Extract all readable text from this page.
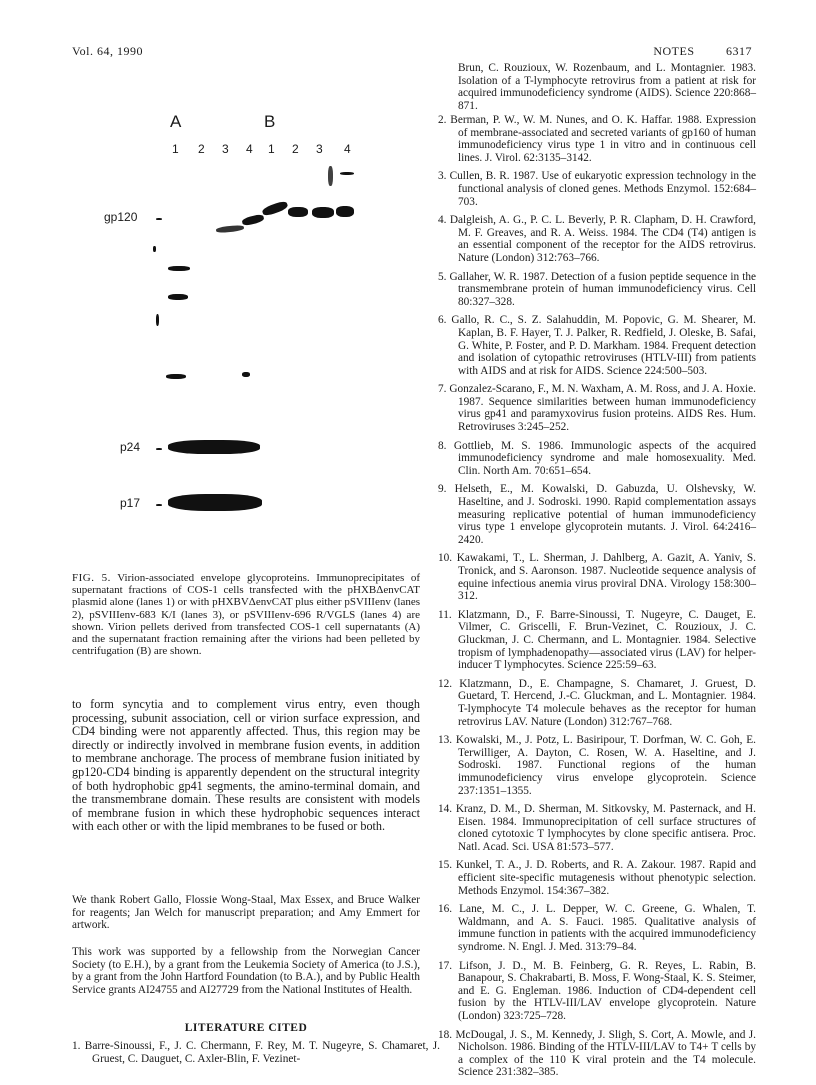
Vol. 64, 1990	NOTES	6317
A	B
1 2 3 4 1 2 3 4
gp120
p24
p17
FIG. 5. Virion-associated envelope glycoproteins. Immunoprecipitates of supernatant fractions of COS-1 cells transfected with the pHXBΔenvCAT plasmid alone (lanes 1) or with pHXBVΔenvCAT plus either pSVIIIenv (lanes 2), pSVIIIenv-683 K/I (lanes 3), or pSVIIIenv-696 R/VGLS (lanes 4) are shown. Virion pellets derived from transfected COS-1 cell supernatants (A) and the supernatant fraction remaining after the virions had been pelleted by centrifugation (B) are shown.

to form syncytia and to complement virus entry, even though processing, subunit association, cell or virion surface expression, and CD4 binding were not apparently affected. Thus, this region may be directly or indirectly involved in membrane fusion events, in addition to membrane anchorage. The process of membrane fusion initiated by gp120-CD4 binding is apparently dependent on the structural integrity of both hydrophobic gp41 segments, the amino-terminal domain, and the transmembrane domain. These results are consistent with models of membrane fusion in which these hydrophobic sequences interact with each other or with the lipid membranes to be fused or both.

We thank Robert Gallo, Flossie Wong-Staal, Max Essex, and Bruce Walker for reagents; Jan Welch for manuscript preparation; and Amy Emmert for artwork.

This work was supported by a fellowship from the Norwegian Cancer Society (to E.H.), by a grant from the Leukemia Society of America (to J.S.), by a grant from the John Hartford Foundation (to B.A.), and by Public Health Service grants AI24755 and AI27729 from the National Institutes of Health.

LITERATURE CITED
1. Barre-Sinoussi, F., J. C. Chermann, F. Rey, M. T. Nugeyre, S. Chamaret, J. Gruest, C. Dauguet, C. Axler-Blin, F. Vezinet-
Brun, C. Rouzioux, W. Rozenbaum, and L. Montagnier. 1983. Isolation of a T-lymphocyte retrovirus from a patient at risk for acquired immunodeficiency syndrome (AIDS). Science 220:868–871.
2. Berman, P. W., W. M. Nunes, and O. K. Haffar. 1988. Expression of membrane-associated and secreted variants of gp160 of human immunodeficiency virus type 1 in vitro and in continuous cell lines. J. Virol. 62:3135–3142.
3. Cullen, B. R. 1987. Use of eukaryotic expression technology in the functional analysis of cloned genes. Methods Enzymol. 152:684–703.
4. Dalgleish, A. G., P. C. L. Beverly, P. R. Clapham, D. H. Crawford, M. F. Greaves, and R. A. Weiss. 1984. The CD4 (T4) antigen is an essential component of the receptor for the AIDS retrovirus. Nature (London) 312:763–766.
5. Gallaher, W. R. 1987. Detection of a fusion peptide sequence in the transmembrane protein of human immunodeficiency virus. Cell 80:327–328.
6. Gallo, R. C., S. Z. Salahuddin, M. Popovic, G. M. Shearer, M. Kaplan, B. F. Hayer, T. J. Palker, R. Redfield, J. Oleske, B. Safai, G. White, P. Foster, and P. D. Markham. 1984. Frequent detection and isolation of cytopathic retroviruses (HTLV-III) from patients with AIDS and at risk for AIDS. Science 224:500–503.
7. Gonzalez-Scarano, F., M. N. Waxham, A. M. Ross, and J. A. Hoxie. 1987. Sequence similarities between human immunodeficiency virus gp41 and paramyxovirus fusion proteins. AIDS Res. Hum. Retroviruses 3:245–252.
8. Gottlieb, M. S. 1986. Immunologic aspects of the acquired immunodeficiency syndrome and male homosexuality. Med. Clin. North Am. 70:651–654.
9. Helseth, E., M. Kowalski, D. Gabuzda, U. Olshevsky, W. Haseltine, and J. Sodroski. 1990. Rapid complementation assays measuring replicative potential of human immunodeficiency virus type 1 envelope glycoprotein mutants. J. Virol. 64:2416–2420.
10. Kawakami, T., L. Sherman, J. Dahlberg, A. Gazit, A. Yaniv, S. Tronick, and S. Aaronson. 1987. Nucleotide sequence analysis of equine infectious anemia virus proviral DNA. Virology 158:300–312.
11. Klatzmann, D., F. Barre-Sinoussi, T. Nugeyre, C. Dauget, E. Vilmer, C. Griscelli, F. Brun-Vezinet, C. Rouzioux, J. C. Gluckman, J. C. Chermann, and L. Montagnier. 1984. Selective tropism of lymphadenopathy—associated virus (LAV) for helper-inducer T lymphocytes. Science 225:59–63.
12. Klatzmann, D., E. Champagne, S. Chamaret, J. Gruest, D. Guetard, T. Hercend, J.-C. Gluckman, and L. Montagnier. 1984. T-lymphocyte T4 molecule behaves as the receptor for human retrovirus LAV. Nature (London) 312:767–768.
13. Kowalski, M., J. Potz, L. Basiripour, T. Dorfman, W. C. Goh, E. Terwilliger, A. Dayton, C. Rosen, W. A. Haseltine, and J. Sodroski. 1987. Functional regions of the human immunodeficiency virus envelope glycoprotein. Science 237:1351–1355.
14. Kranz, D. M., D. Sherman, M. Sitkovsky, M. Pasternack, and H. Eisen. 1984. Immunoprecipitation of cell surface structures of cloned cytotoxic T lymphocytes by clone specific antisera. Proc. Natl. Acad. Sci. USA 81:573–577.
15. Kunkel, T. A., J. D. Roberts, and R. A. Zakour. 1987. Rapid and efficient site-specific mutagenesis without phenotypic selection. Methods Enzymol. 154:367–382.
16. Lane, M. C., J. L. Depper, W. C. Greene, G. Whalen, T. Waldmann, and A. S. Fauci. 1985. Qualitative analysis of immune function in patients with the acquired immunodeficiency syndrome. N. Engl. J. Med. 313:79–84.
17. Lifson, J. D., M. B. Feinberg, G. R. Reyes, L. Rabin, B. Banapour, S. Chakrabarti, B. Moss, F. Wong-Staal, K. S. Steimer, and E. G. Engleman. 1986. Induction of CD4-dependent cell fusion by the HTLV-III/LAV envelope glycoprotein. Nature (London) 323:725–728.
18. McDougal, J. S., M. Kennedy, J. Sligh, S. Cort, A. Mowle, and J. Nicholson. 1986. Binding of the HTLV-III/LAV to T4+ T cells by a complex of the 110 K viral protein and the T4 molecule. Science 231:382–385.
